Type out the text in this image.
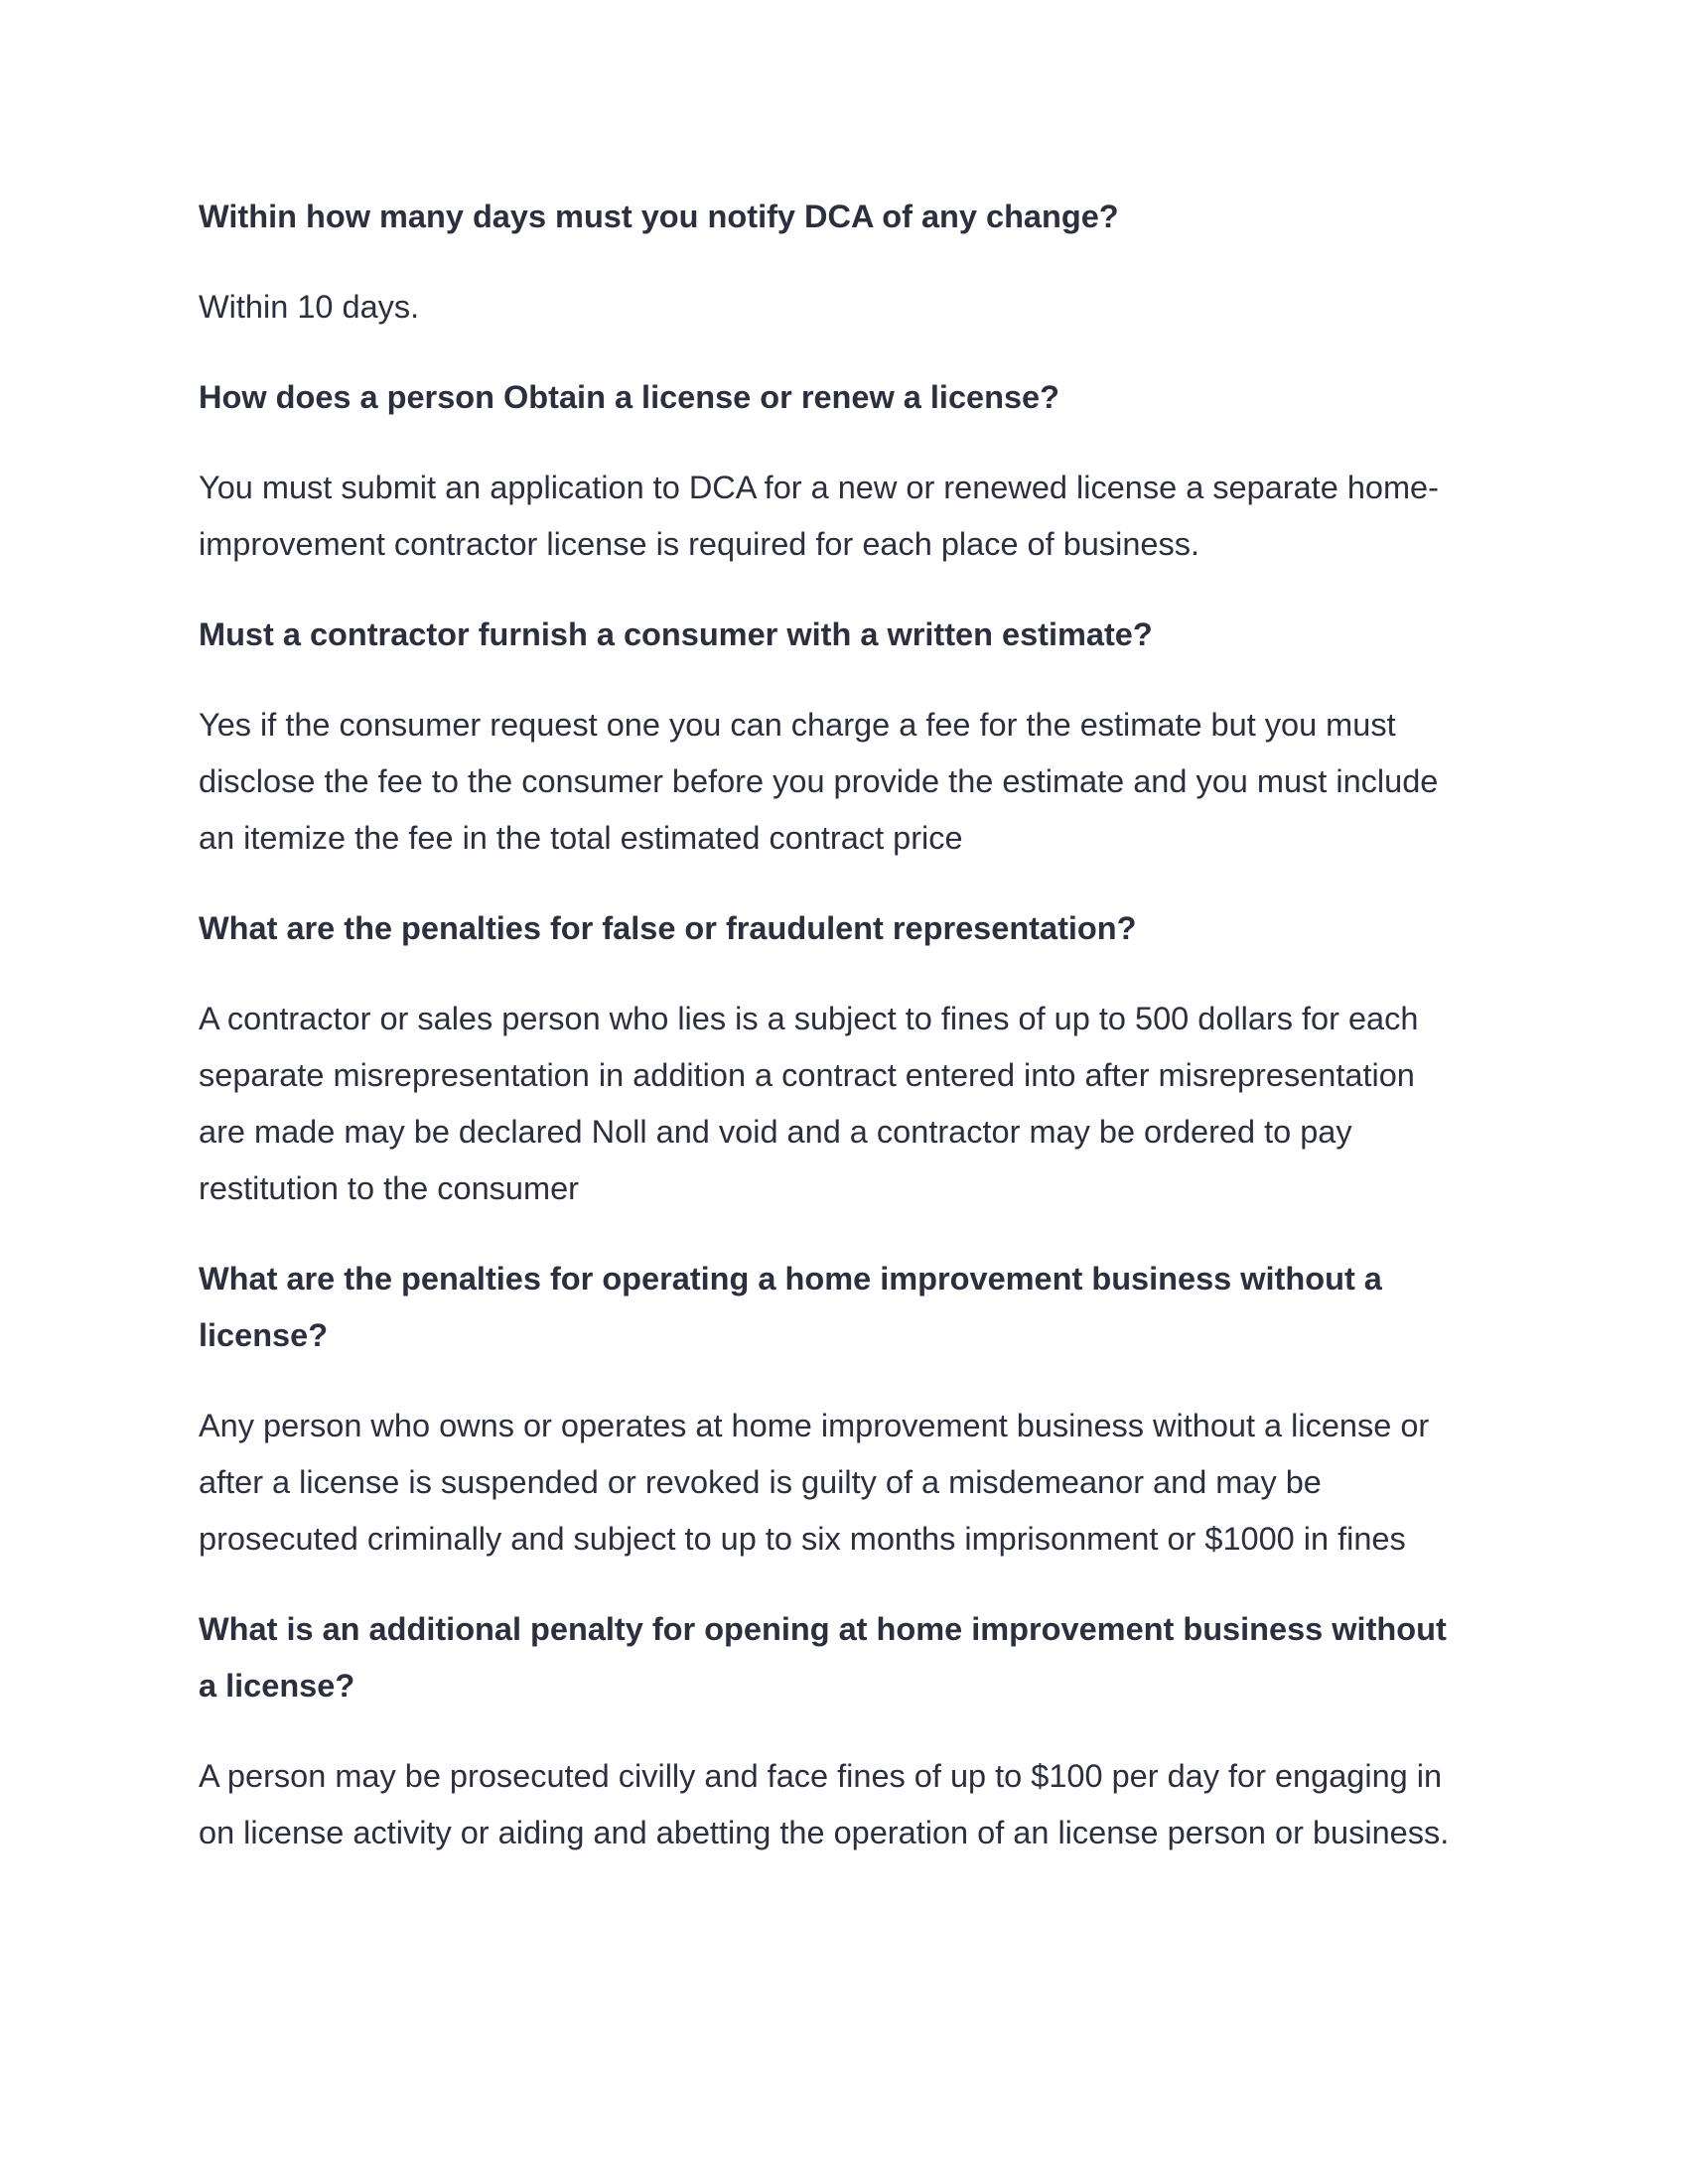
Within how many days must you notify DCA of any change?
Within 10 days.
How does a person Obtain a license or renew a license?
You must submit an application to DCA for a new or renewed license a separate home-
improvement contractor license is required for each place of business.
Must a contractor furnish a consumer with a written estimate?
Yes if the consumer request one you can charge a fee for the estimate but you must
disclose the fee to the consumer before you provide the estimate and you must include
an itemize the fee in the total estimated contract price
What are the penalties for false or fraudulent representation?
A contractor or sales person who lies is a subject to fines of up to 500 dollars for each
separate misrepresentation in addition a contract entered into after misrepresentation
are made may be declared Noll and void and a contractor may be ordered to pay
restitution to the consumer
What are the penalties for operating a home improvement business without a
license?
Any person who owns or operates at home improvement business without a license or
after a license is suspended or revoked is guilty of a misdemeanor and may be
prosecuted criminally and subject to up to six months imprisonment or $1000 in fines
What is an additional penalty for opening at home improvement business without
a license?
A person may be prosecuted civilly and face fines of up to $100 per day for engaging in
on license activity or aiding and abetting the operation of an license person or business.
